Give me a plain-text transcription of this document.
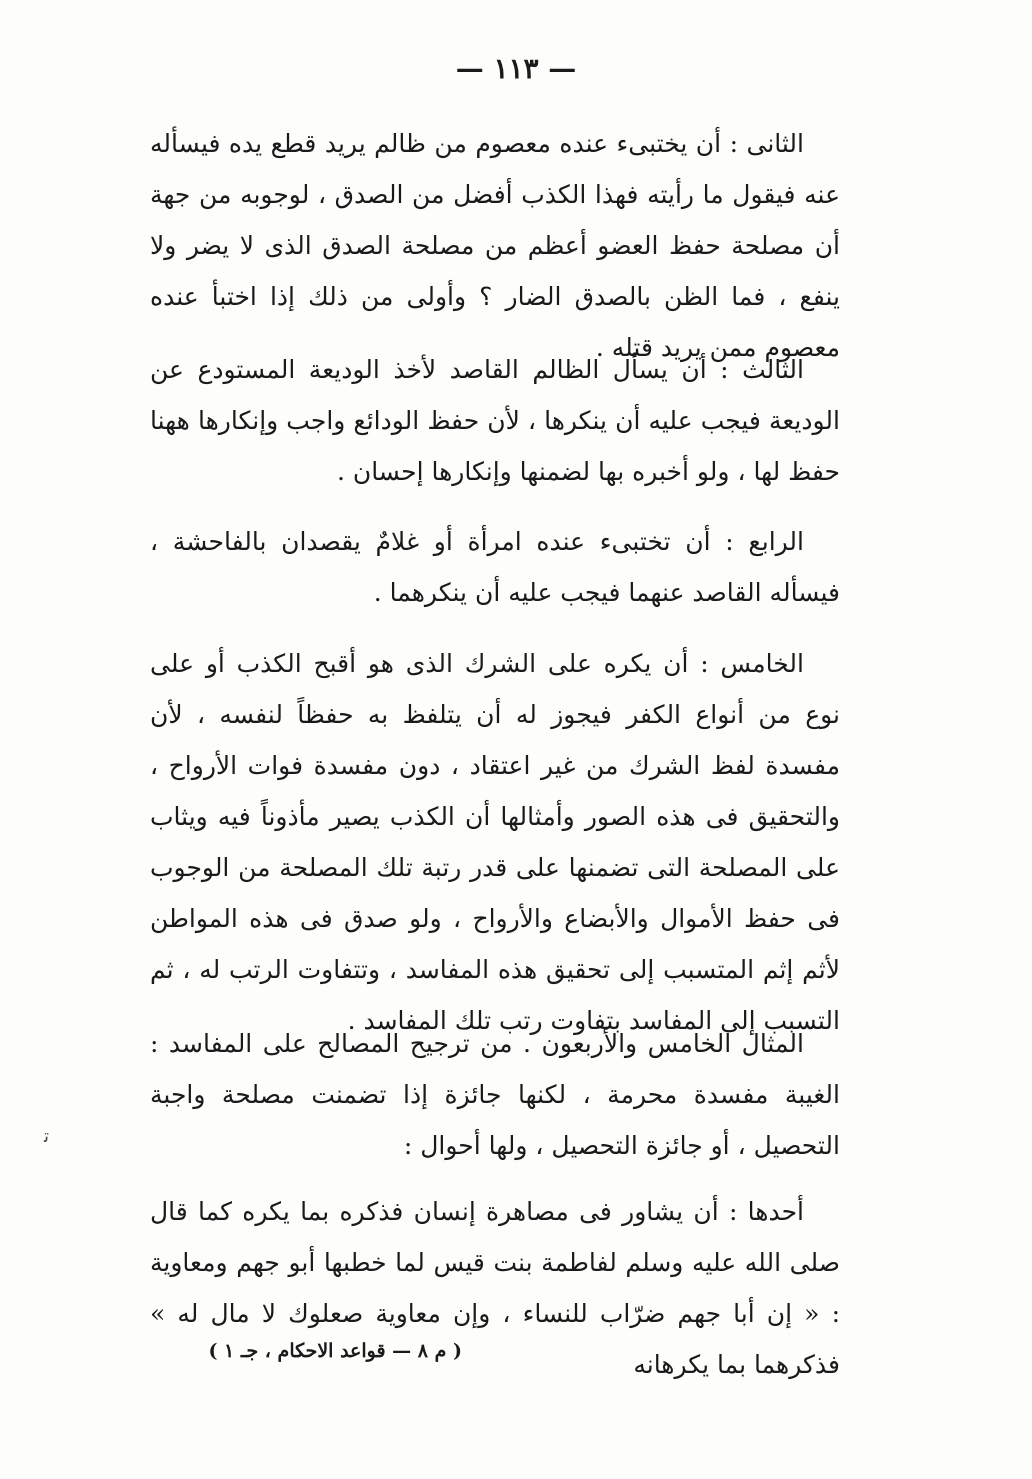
— ١١٣ —

الثانى : أن يختبىء عنده معصوم من ظالم يريد قطع يده فيسأله عنه فيقول ما رأيته فهذا الكذب أفضل من الصدق ، لوجوبه من جهة أن مصلحة حفظ العضو أعظم من مصلحة الصدق الذى لا يضر ولا ينفع ، فما الظن بالصدق الضار ؟ وأولى من ذلك إذا اختبأ عنده معصوم ممن يريد قتله .

الثالث : أن يسأل الظالم القاصد لأخذ الوديعة المستودع عن الوديعة فيجب عليه أن ينكرها ، لأن حفظ الودائع واجب وإنكارها ههنا حفظ لها ، ولو أخبره بها لضمنها وإنكارها إحسان .

الرابع : أن تختبىء عنده امرأة أو غلامٌ يقصدان بالفاحشة ، فيسأله القاصد عنهما فيجب عليه أن ينكرهما .

الخامس : أن يكره على الشرك الذى هو أقبح الكذب أو على نوع من أنواع الكفر فيجوز له أن يتلفظ به حفظاً لنفسه ، لأن مفسدة لفظ الشرك من غير اعتقاد ، دون مفسدة فوات الأرواح ، والتحقيق فى هذه الصور وأمثالها أن الكذب يصير مأذوناً فيه ويثاب على المصلحة التى تضمنها على قدر رتبة تلك المصلحة من الوجوب فى حفظ الأموال والأبضاع والأرواح ، ولو صدق فى هذه المواطن لأثم إثم المتسبب إلى تحقيق هذه المفاسد ، وتتفاوت الرتب له ، ثم التسبب إلى المفاسد بتفاوت رتب تلك المفاسد .

المثال الخامس والأربعون . من ترجيح المصالح على المفاسد : الغيبة مفسدة محرمة ، لكنها جائزة إذا تضمنت مصلحة واجبة التحصيل ، أو جائزة التحصيل ، ولها أحوال :

أحدها : أن يشاور فى مصاهرة إنسان فذكره بما يكره كما قال صلى الله عليه وسلم لفاطمة بنت قيس لما خطبها أبو جهم ومعاوية : « إن أبا جهم ضرّاب للنساء ، وإن معاوية صعلوك لا مال له » فذكرهما بما يكرهانه

( م ٨ — قواعد الاحكام ، جـ ١ )
ﺗ
